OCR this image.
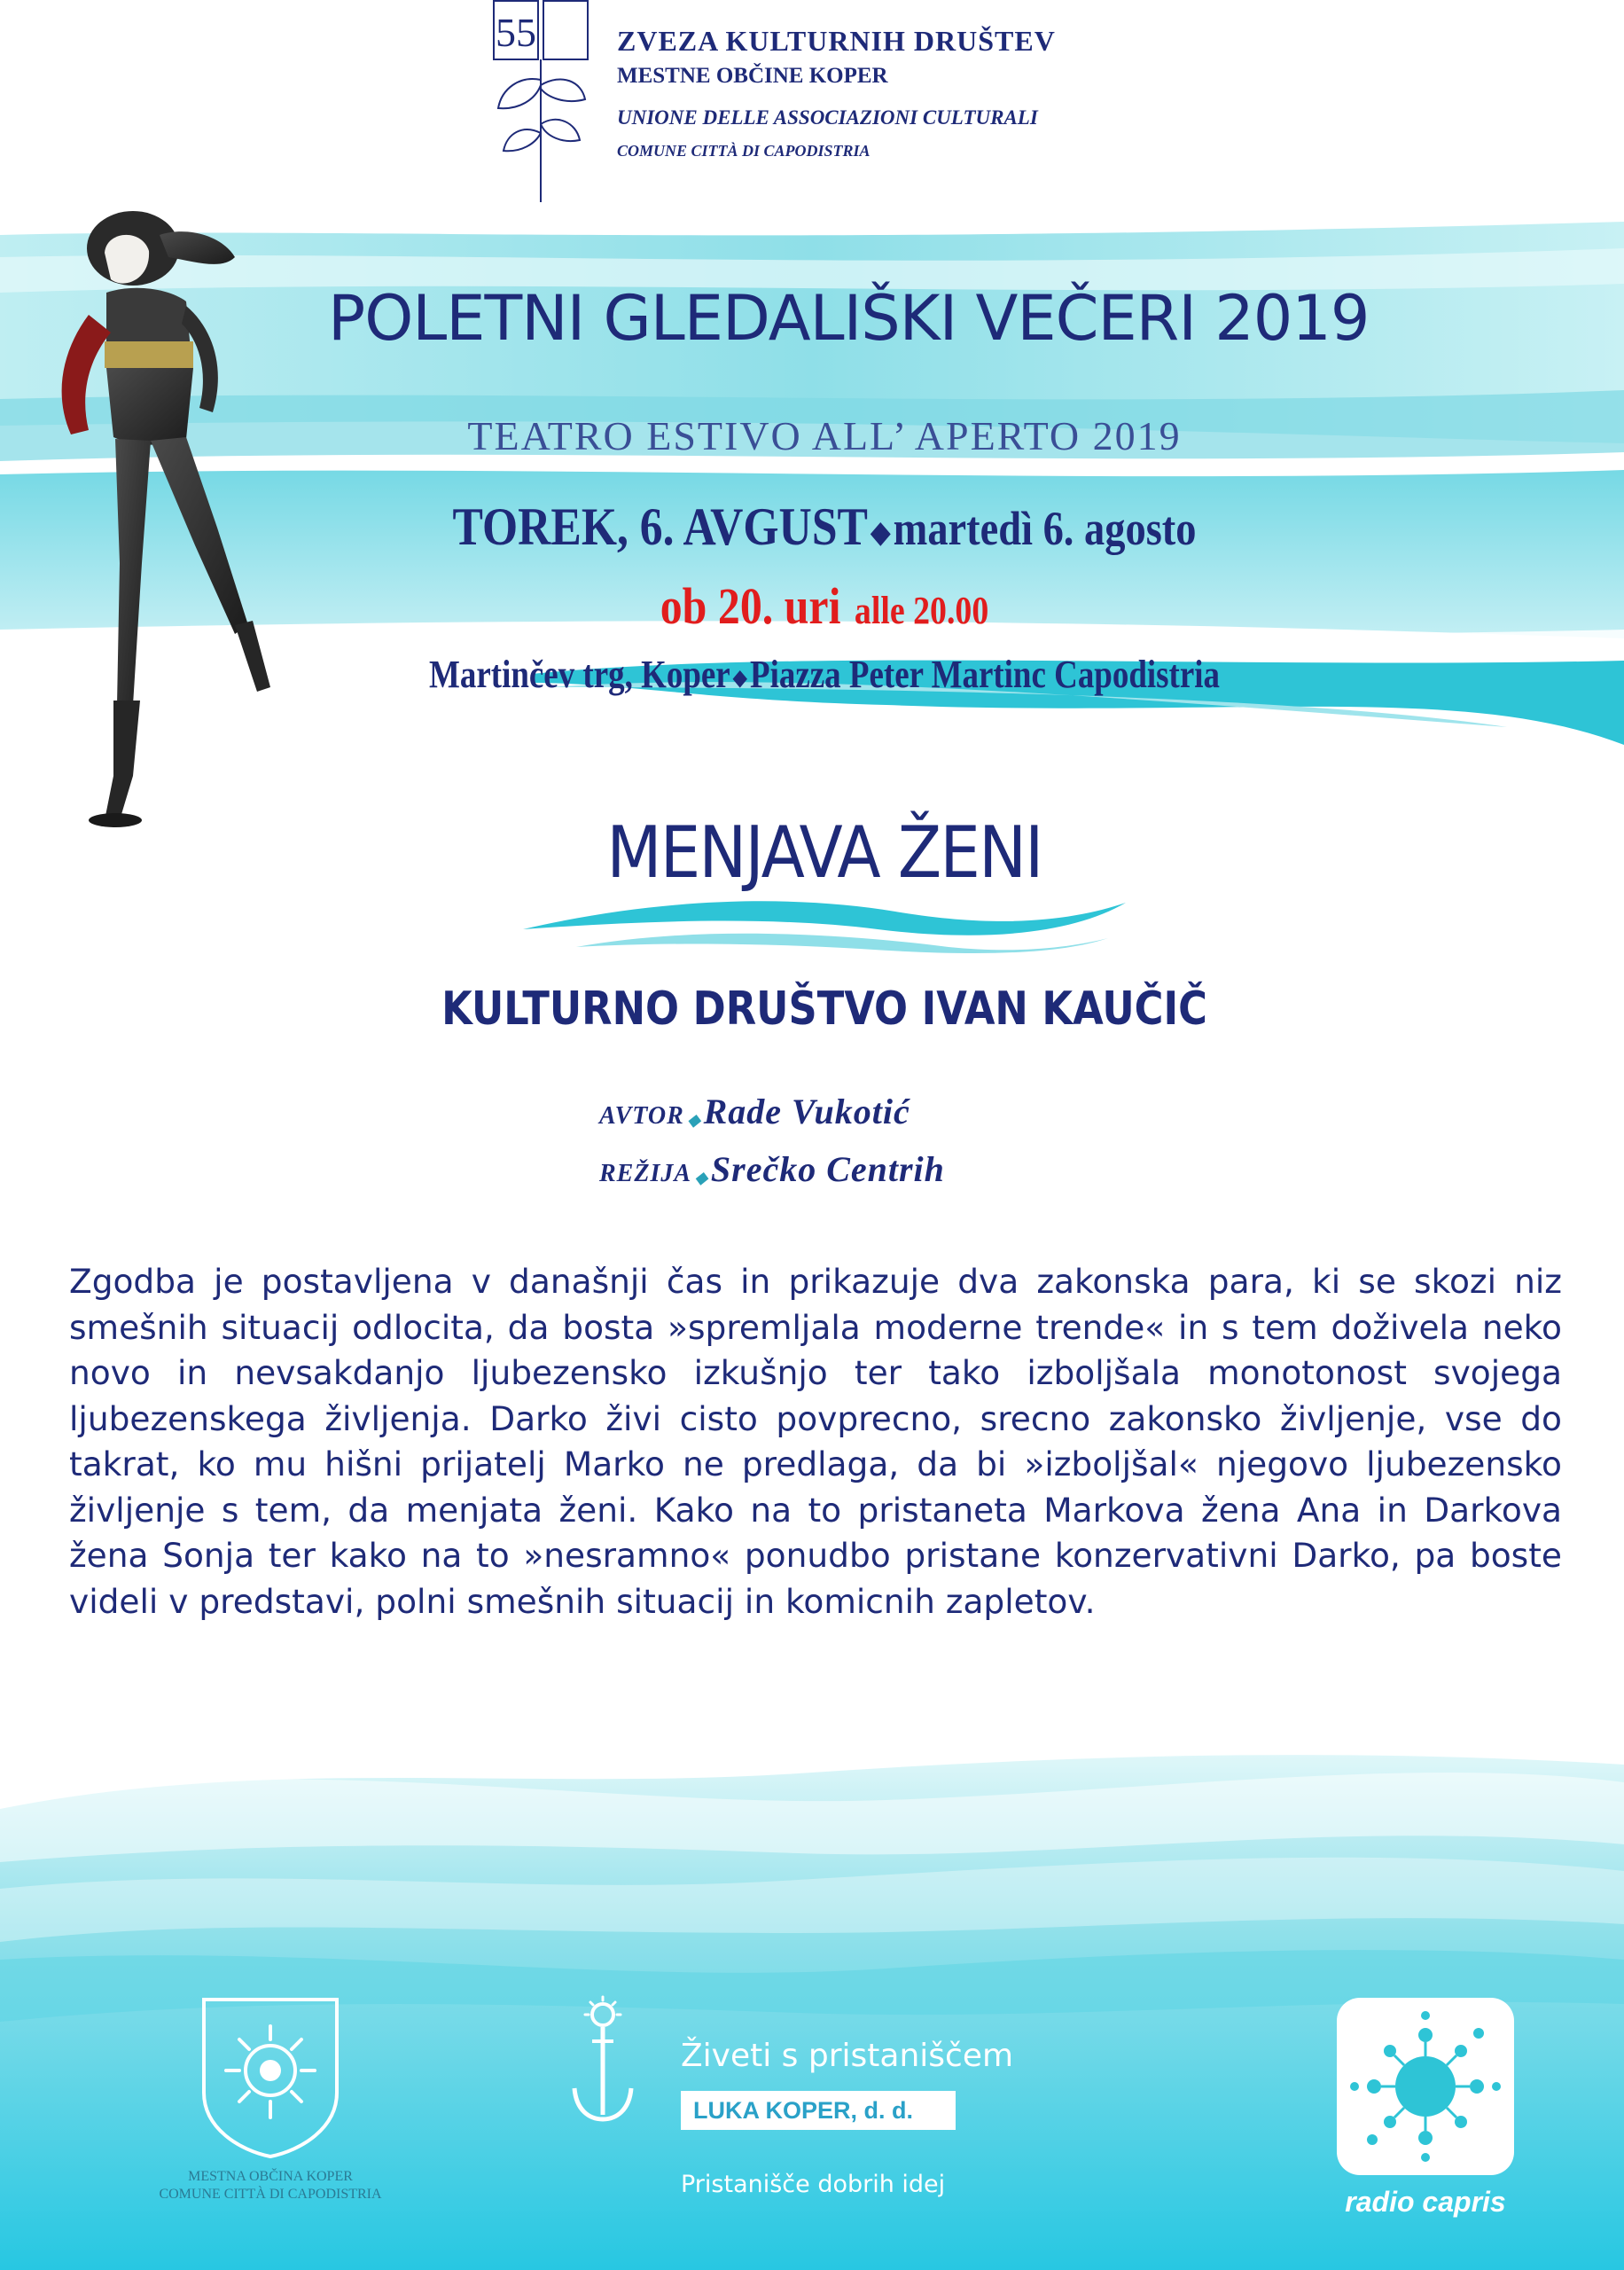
55	ZVEZA KULTURNIH DRUŠTEV
MESTNE OBČINE KOPER
UNIONE DELLE ASSOCIAZIONI CULTURALI
COMUNE CITTÀ DI CAPODISTRIA
POLETNI GLEDALIŠKI VEČERI 2019
TEATRO ESTIVO ALL’ APERTO 2019
TOREK, 6. AVGUST ◆martedì 6. agosto
ob 20. uri alle 20.00
Martinčev trg, Koper ◆Piazza Peter Martinc Capodistria
MENJAVA ŽENI
KULTURNO DRUŠTVO IVAN KAUČIČ
AVTOR ◆ Rade Vukotić
REŽIJA ◆ Srečko Centrih
Zgodba je postavljena v današnji čas in prikazuje dva zakonska para, ki se skozi niz smešnih situacij odlocita, da bosta »spremljala moderne trende« in s tem doživela neko novo in nevsakdanjo ljubezensko izkušnjo ter tako izboljšala monotonost svojega ljubezenskega življenja. Darko živi cisto povprecno, srecno zakonsko življenje, vse do takrat, ko mu hišni prijatelj Marko ne predlaga, da bi »izboljšal« njegovo ljubezensko življenje s tem, da menjata ženi. Kako na to pristaneta Markova žena Ana in Darkova žena Sonja ter kako na to »nesramno« ponudbo pristane konzervativni Darko, pa boste videli v predstavi, polni smešnih situacij in komicnih zapletov.
MESTNA OBČINA KOPER
COMUNE CITTÀ DI CAPODISTRIA
Živeti s pristaniščem
LUKA KOPER, d. d.
Pristanišče dobrih idej
radio capris
